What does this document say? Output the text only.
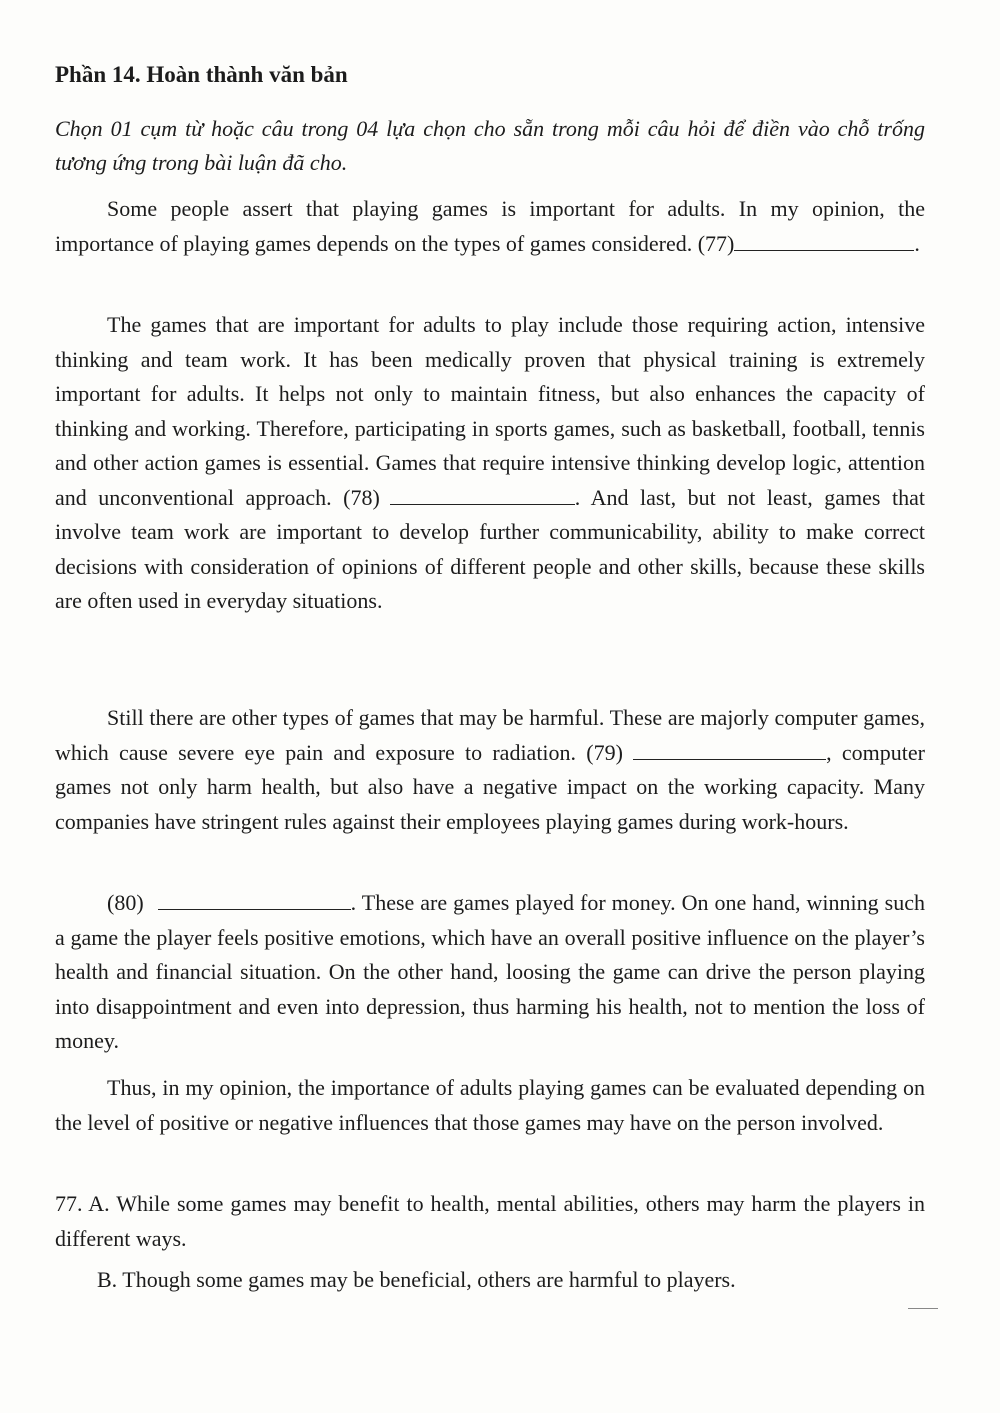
Phần 14. Hoàn thành văn bản

Chọn 01 cụm từ hoặc câu trong 04 lựa chọn cho sẵn trong mỗi câu hỏi để điền vào chỗ trống tương ứng trong bài luận đã cho.

Some people assert that playing games is important for adults. In my opinion, the importance of playing games depends on the types of games considered. (77)	.

The games that are important for adults to play include those requiring action, intensive thinking and team work. It has been medically proven that physical training is extremely important for adults. It helps not only to maintain fitness, but also enhances the capacity of thinking and working. Therefore, participating in sports games, such as basketball, football, tennis and other action games is essential. Games that require intensive thinking develop logic, attention and unconventional approach. (78)	. And last, but not least, games that involve team work are important to develop further communicability, ability to make correct decisions with consideration of opinions of different people and other skills, because these skills are often used in everyday situations.

Still there are other types of games that may be harmful. These are majorly computer games, which cause severe eye pain and exposure to radiation. (79)	, computer games not only harm health, but also have a negative impact on the working capacity. Many companies have stringent rules against their employees playing games during work-hours.

(80)	. These are games played for money. On one hand, winning such a game the player feels positive emotions, which have an overall positive influence on the player’s health and financial situation. On the other hand, loosing the game can drive the person playing into disappointment and even into depression, thus harming his health, not to mention the loss of money.

Thus, in my opinion, the importance of adults playing games can be evaluated depending on the level of positive or negative influences that those games may have on the person involved.

77. A. While some games may benefit to health, mental abilities, others may harm the players in different ways.

B. Though some games may be beneficial, others are harmful to players.
